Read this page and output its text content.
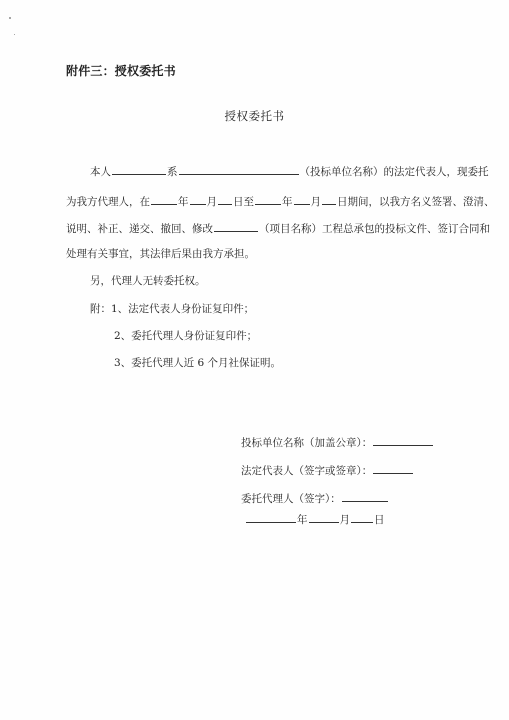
附件三：授权委托书
授权委托书
本人	系	（投标单位名称）的法定代表人，现委托
为我方代理人，在	年 月 日至	年 月 日期间，以我方名义签署、澄清、
说明、补正、递交、撤回、修改	（项目名称）工程总承包的投标文件、签订合同和
处理有关事宜，其法律后果由我方承担。
另，代理人无转委托权。
附：1、法定代表人身份证复印件；
2、委托代理人身份证复印件；
3、委托代理人近 6 个月社保证明。
投标单位名称（加盖公章）：
法定代表人（签字或签章）：
委托代理人（签字）：
年	月 日
